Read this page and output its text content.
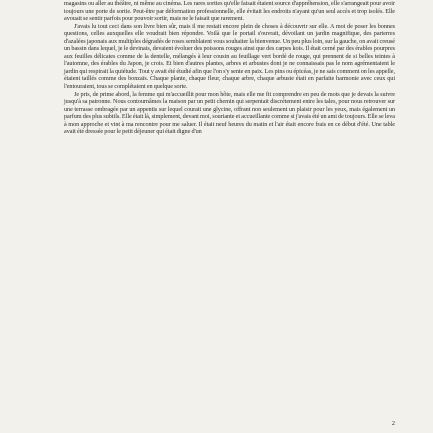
magasins ou aller au théâtre, ni même au cinéma. Les rares sorties qu'elle faisait étaient source d'appréhension, elle s'arrangeait pour avoir toujours une porte de sortie. Peut-être par déformation professionnelle, elle évitait les endroits n'ayant qu'un seul accès et trop isolés. Elle avouait se sentir parfois pour pouvoir sortir, mais ne le faisait que rarement.

J'avais lu tout ceci dans son livre bien sûr, mais il me restait encore plein de choses à découvrir sur elle. A moi de poser les bonnes questions, celles auxquelles elle voudrait bien répondre. Voilà que le portail s'ouvrait, dévoilant un jardin magnifique, des parterres d'azalées japonais aux multiples dégradés de roses semblaient vous souhaiter la bienvenue. Un peu plus loin, sur la gauche, on avait creusé un bassin dans lequel, je le devinais, devaient évoluer des poissons rouges ainsi que des carpes kois. Il était cerné par des érables pourpres aux feuilles délicates comme de la dentelle, mélangés à leur cousin au feuillage vert bordé de rouge, qui prennent de si belles teintes à l'automne, des érables du Japon, je crois. Et bien d'autres plantes, arbres et arbustes dont je ne connaissais pas le nom agrémentaient le jardin qui respirait la quiétude. Tout y avait été étudié afin que l'on s'y sente en paix. Les pins ou épicéas, je ne sais comment on les appelle, étaient taillés comme des bonzaïs. Chaque plante, chaque fleur, chaque arbre, chaque arbuste était en parfaite harmonie avec ceux qui l'entouraient, tous se complétaient en quelque sorte.

Je pris, de prime abord, la femme qui m'accueillit pour mon hôte, mais elle me fit comprendre en peu de mots que je devais la suivre jusqu'à sa patronne. Nous contournâmes la maison par un petit chemin qui serpentait discrètement entre les tales, pour nous retrouver sur une terrasse ombragée par un appentis sur lequel courait une glycine, offrant non seulement un plaisir pour les yeux, mais également un parfum des plus subtils. Elle était là, simplement, devant moi, souriante et accueillante comme si j'avais été un ami de toujours. Elle se leva à mon approche et vint à ma rencontre pour me saluer. Il était neuf heures du matin et l'air était encore frais en ce début d'été. Une table avait été dressée pour le petit déjeuner qui était digne d'un

2
